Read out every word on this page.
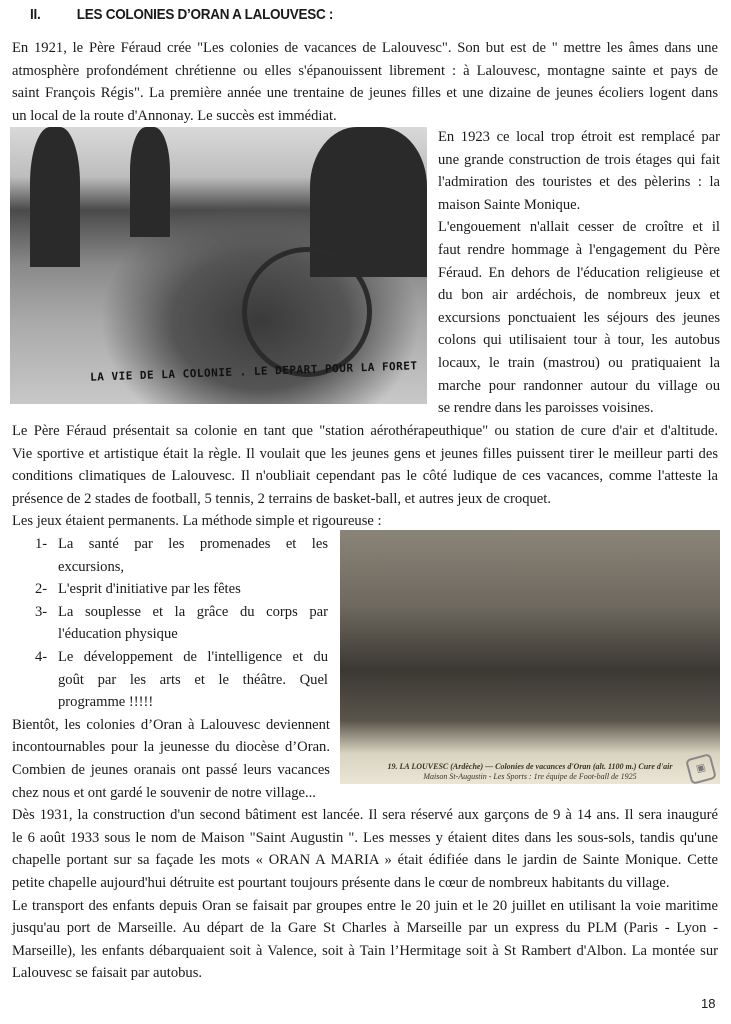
II. LES COLONIES D’ORAN A LALOUVESC :
LA VIE DE LA COLONIE . LE DEPART POUR LA FORET
19. LA LOUVESC (Ardèche) — Colonies de vacances d'Oran (alt. 1100 m.) Cure d'air
Maison St-Augustin - Les Sports : 1re équipe de Foot-ball de 1925
▣
En 1921, le Père Féraud crée "Les colonies de vacances de Lalouvesc". Son but est de " mettre les âmes dans une
atmosphère profondément chrétienne ou elles s'épanouissent librement : à Lalouvesc, montagne sainte et pays de
saint François Régis". La première année une trentaine de jeunes filles et une dizaine de jeunes écoliers logent dans
un local de la route d'Annonay. Le succès est immédiat.
En 1923 ce local trop étroit est remplacé par
une grande construction de trois étages qui fait
l'admiration des touristes et des pèlerins : la
maison Sainte Monique.
L'engouement n'allait cesser de croître et il
faut rendre hommage à l'engagement du Père
Féraud. En dehors de l'éducation religieuse et
du bon air ardéchois, de nombreux jeux et
excursions ponctuaient les séjours des jeunes
colons qui utilisaient tour à tour, les autobus
locaux, le train (mastrou) ou pratiquaient la
marche pour randonner autour du village ou
se rendre dans les paroisses voisines.
Le Père Féraud présentait sa colonie en tant que "station aérothérapeuthique" ou station de cure d'air et d'altitude.
Vie sportive et artistique était la règle. Il voulait que les jeunes gens et jeunes filles puissent tirer le meilleur parti des
conditions climatiques de Lalouvesc. Il n'oubliait cependant pas le côté ludique de ces vacances, comme l'atteste la
présence de 2 stades de football, 5 tennis, 2 terrains de basket-ball, et autres jeux de croquet.
Les jeux étaient permanents. La méthode simple et rigoureuse :
1- La santé par les promenades et les
excursions,
2- L'esprit d'initiative par les fêtes
3- La souplesse et la grâce du corps par
l'éducation physique
4- Le développement de l'intelligence et du
goût par les arts et le théâtre. Quel
programme !!!!!
Bientôt, les colonies d’Oran à Lalouvesc deviennent
incontournables pour la jeunesse du diocèse d’Oran.
Combien de jeunes oranais ont passé leurs vacances
chez nous et ont gardé le souvenir de notre village...
Dès 1931, la construction d'un second bâtiment est lancée. Il sera réservé aux garçons de 9 à 14 ans. Il sera inauguré
le 6 août 1933 sous le nom de Maison "Saint Augustin ". Les messes y étaient dites dans les sous-sols, tandis qu'une
chapelle portant sur sa façade les mots « ORAN A MARIA » était édifiée dans le jardin de Sainte Monique. Cette
petite chapelle aujourd'hui détruite est pourtant toujours présente dans le cœur de nombreux habitants du village.
Le transport des enfants depuis Oran se faisait par groupes entre le 20 juin et le 20 juillet en utilisant la voie maritime
jusqu'au port de Marseille. Au départ de la Gare St Charles à Marseille par un express du PLM (Paris - Lyon -
Marseille), les enfants débarquaient soit à Valence, soit à Tain l’Hermitage soit à St Rambert d'Albon. La montée sur
Lalouvesc se faisait par autobus.
18
